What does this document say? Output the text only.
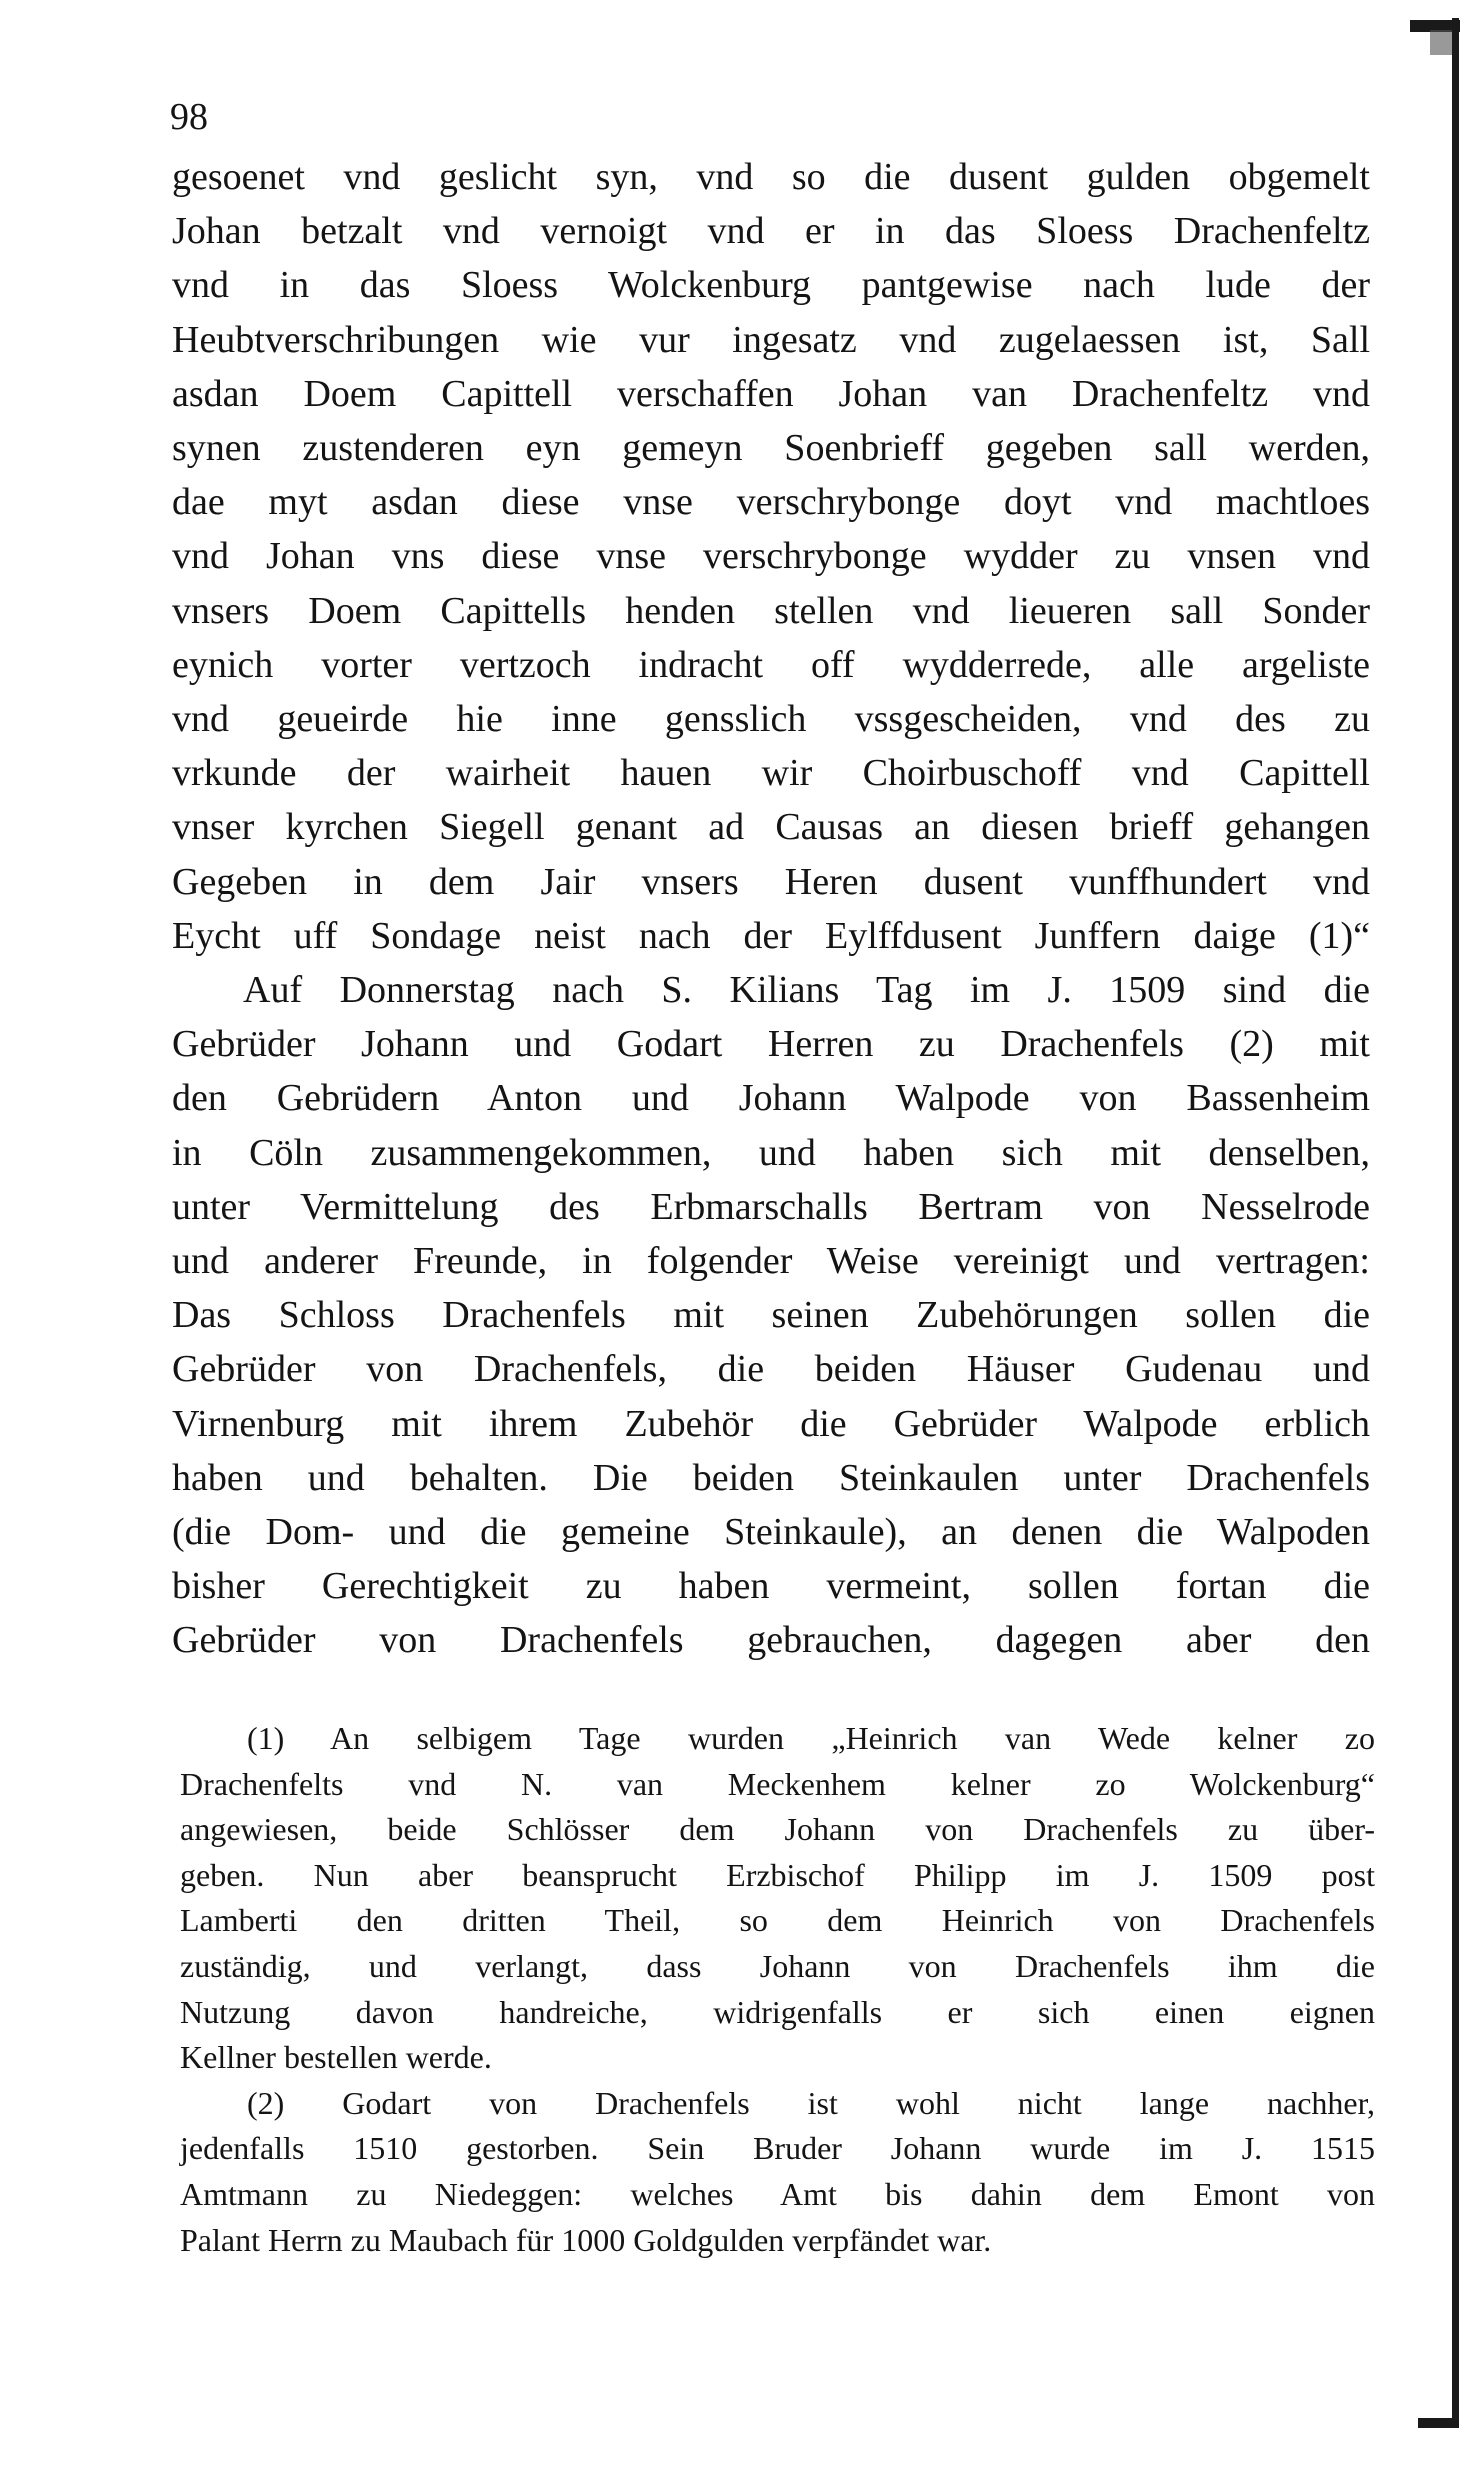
98
gesoenet vnd geslicht syn, vnd so die dusent gulden obgemelt
Johan betzalt vnd vernoigt vnd er in das Sloess Drachenfeltz
vnd in das Sloess Wolckenburg pantgewise nach lude der
Heubtverschribungen wie vur ingesatz vnd zugelaessen ist, Sall
asdan Doem Capittell verschaffen Johan van Drachenfeltz vnd
synen zustenderen eyn gemeyn Soenbrieff gegeben sall werden,
dae myt asdan diese vnse verschrybonge doyt vnd machtloes
vnd Johan vns diese vnse verschrybonge wydder zu vnsen vnd
vnsers Doem Capittells henden stellen vnd lieueren sall Sonder
eynich vorter vertzoch indracht off wydderrede, alle argeliste
vnd geueirde hie inne gensslich vssgescheiden, vnd des zu
vrkunde der wairheit hauen wir Choirbuschoff vnd Capittell
vnser kyrchen Siegell genant ad Causas an diesen brieff gehangen
Gegeben in dem Jair vnsers Heren dusent vunffhundert vnd
Eycht uff Sondage neist nach der Eylffdusent Junffern daige (1)“
Auf Donnerstag nach S. Kilians Tag im J. 1509 sind die
Gebrüder Johann und Godart Herren zu Drachenfels (2) mit
den Gebrüdern Anton und Johann Walpode von Bassenheim
in Cöln zusammengekommen, und haben sich mit denselben,
unter Vermittelung des Erbmarschalls Bertram von Nesselrode
und anderer Freunde, in folgender Weise vereinigt und vertragen:
Das Schloss Drachenfels mit seinen Zubehörungen sollen die
Gebrüder von Drachenfels, die beiden Häuser Gudenau und
Virnenburg mit ihrem Zubehör die Gebrüder Walpode erblich
haben und behalten. Die beiden Steinkaulen unter Drachenfels
(die Dom- und die gemeine Steinkaule), an denen die Walpoden
bisher Gerechtigkeit zu haben vermeint, sollen fortan die
Gebrüder von Drachenfels gebrauchen, dagegen aber den
(1) An selbigem Tage wurden „Heinrich van Wede kelner zo
Drachenfelts vnd N. van Meckenhem kelner zo Wolckenburg“
angewiesen, beide Schlösser dem Johann von Drachenfels zu über-
geben. Nun aber beansprucht Erzbischof Philipp im J. 1509 post
Lamberti den dritten Theil, so dem Heinrich von Drachenfels
zuständig, und verlangt, dass Johann von Drachenfels ihm die
Nutzung davon handreiche, widrigenfalls er sich einen eignen
Kellner bestellen werde.
(2) Godart von Drachenfels ist wohl nicht lange nachher,
jedenfalls 1510 gestorben. Sein Bruder Johann wurde im J. 1515
Amtmann zu Niedeggen: welches Amt bis dahin dem Emont von
Palant Herrn zu Maubach für 1000 Goldgulden verpfändet war.
